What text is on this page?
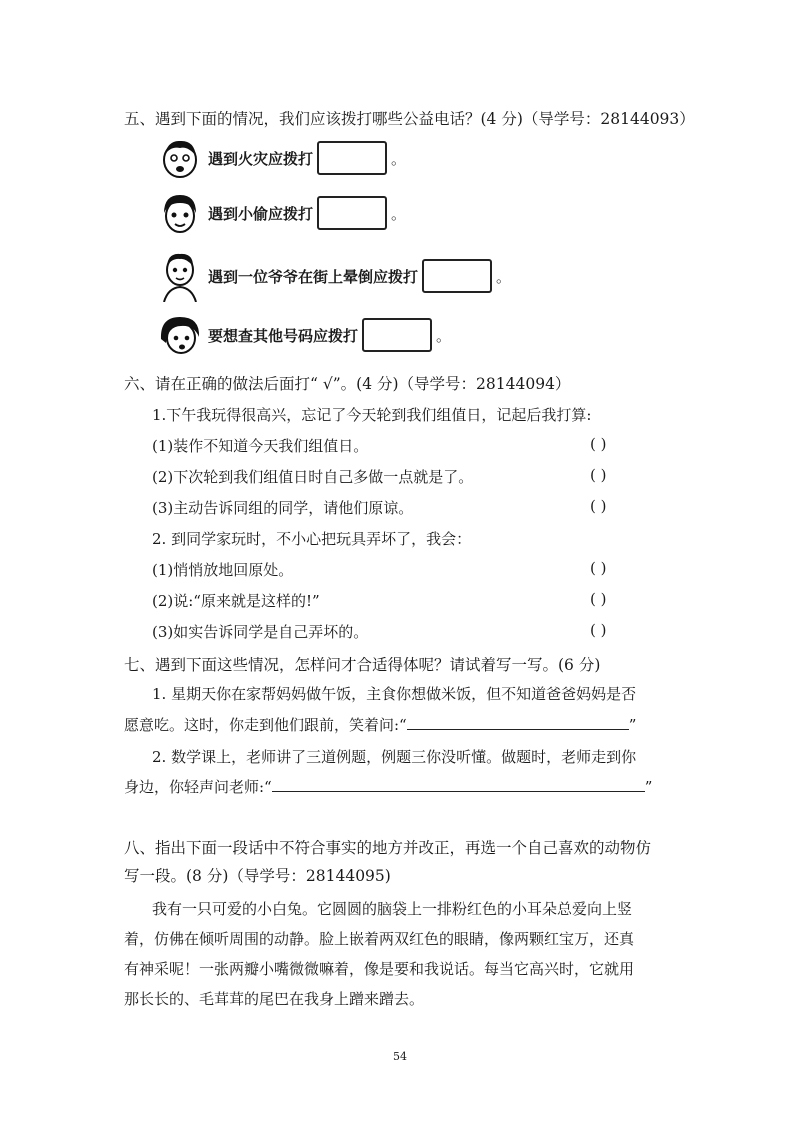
五、遇到下面的情况，我们应该拨打哪些公益电话？(4 分)（导学号：28144093）
遇到火灾应拨打	。
遇到小偷应拨打	。
遇到一位爷爷在街上晕倒应拨打	。
要想查其他号码应拨打	。
六、请在正确的做法后面打“ √”。(4 分)（导学号：28144094）
1.下午我玩得很高兴，忘记了今天轮到我们组值日，记起后我打算:
(1)装作不知道今天我们组值日。	( )
(2)下次轮到我们组值日时自己多做一点就是了。	( )
(3)主动告诉同组的同学，请他们原谅。	( )
2. 到同学家玩时，不小心把玩具弄坏了，我会：
(1)悄悄放地回原处。	( )
(2)说:“原来就是这样的!”	( )
(3)如实告诉同学是自己弄坏的。	( )
七、遇到下面这些情况，怎样问才合适得体呢？请试着写一写。(6 分)
1. 星期天你在家帮妈妈做午饭，主食你想做米饭，但不知道爸爸妈妈是否
愿意吃。这时，你走到他们跟前，笑着问:“	”
2. 数学课上，老师讲了三道例题，例题三你没听懂。做题时，老师走到你
身边，你轻声问老师:“	”
八、指出下面一段话中不符合事实的地方并改正，再选一个自己喜欢的动物仿
写一段。(8 分)（导学号：28144095)
我有一只可爱的小白兔。它圆圆的脑袋上一排粉红色的小耳朵总爱向上竖
着，仿佛在倾听周围的动静。脸上嵌着两双红色的眼睛，像两颗红宝万，还真
有神采呢！一张两瓣小嘴微微嘛着，像是要和我说话。每当它高兴时，它就用
那长长的、毛茸茸的尾巴在我身上蹭来蹭去。
54
